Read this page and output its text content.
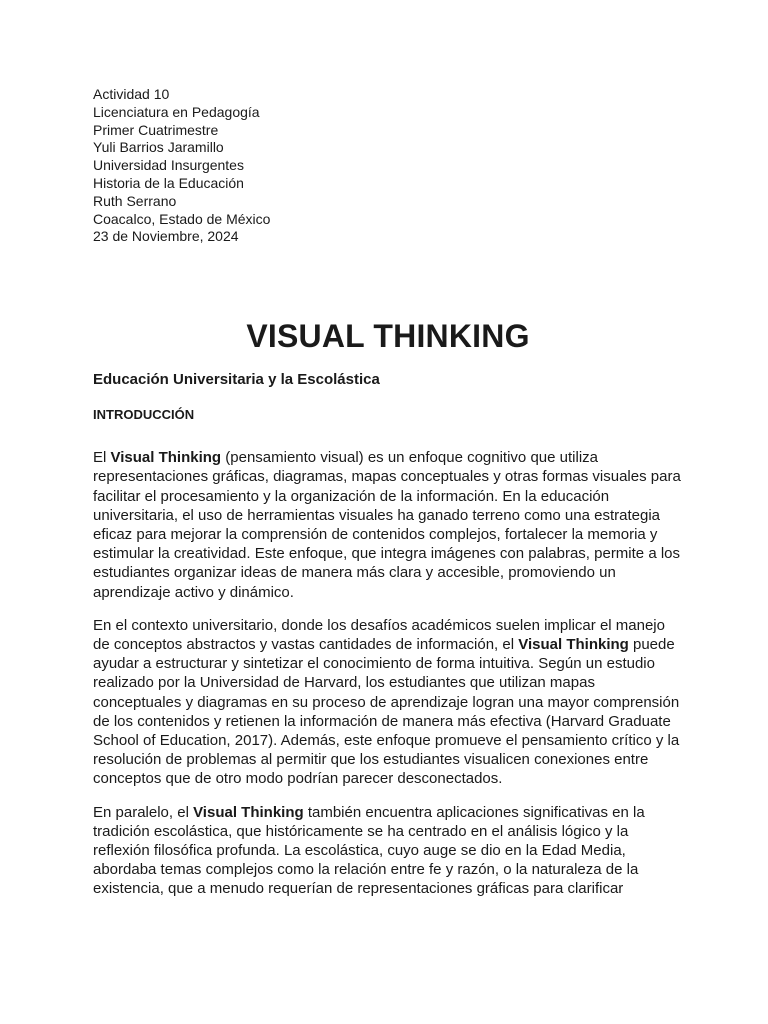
Actividad 10
Licenciatura en Pedagogía
Primer Cuatrimestre
Yuli Barrios Jaramillo
Universidad Insurgentes
Historia de la Educación
Ruth Serrano
Coacalco, Estado de México
23 de Noviembre, 2024
VISUAL THINKING
Educación Universitaria y la Escolástica
INTRODUCCIÓN

El Visual Thinking (pensamiento visual) es un enfoque cognitivo que utiliza representaciones gráficas, diagramas, mapas conceptuales y otras formas visuales para facilitar el procesamiento y la organización de la información. En la educación universitaria, el uso de herramientas visuales ha ganado terreno como una estrategia eficaz para mejorar la comprensión de contenidos complejos, fortalecer la memoria y estimular la creatividad. Este enfoque, que integra imágenes con palabras, permite a los estudiantes organizar ideas de manera más clara y accesible, promoviendo un aprendizaje activo y dinámico.

En el contexto universitario, donde los desafíos académicos suelen implicar el manejo de conceptos abstractos y vastas cantidades de información, el Visual Thinking puede ayudar a estructurar y sintetizar el conocimiento de forma intuitiva. Según un estudio realizado por la Universidad de Harvard, los estudiantes que utilizan mapas conceptuales y diagramas en su proceso de aprendizaje logran una mayor comprensión de los contenidos y retienen la información de manera más efectiva (Harvard Graduate School of Education, 2017). Además, este enfoque promueve el pensamiento crítico y la resolución de problemas al permitir que los estudiantes visualicen conexiones entre conceptos que de otro modo podrían parecer desconectados.

En paralelo, el Visual Thinking también encuentra aplicaciones significativas en la tradición escolástica, que históricamente se ha centrado en el análisis lógico y la reflexión filosófica profunda. La escolástica, cuyo auge se dio en la Edad Media, abordaba temas complejos como la relación entre fe y razón, o la naturaleza de la existencia, que a menudo requerían de representaciones gráficas para clarificar
